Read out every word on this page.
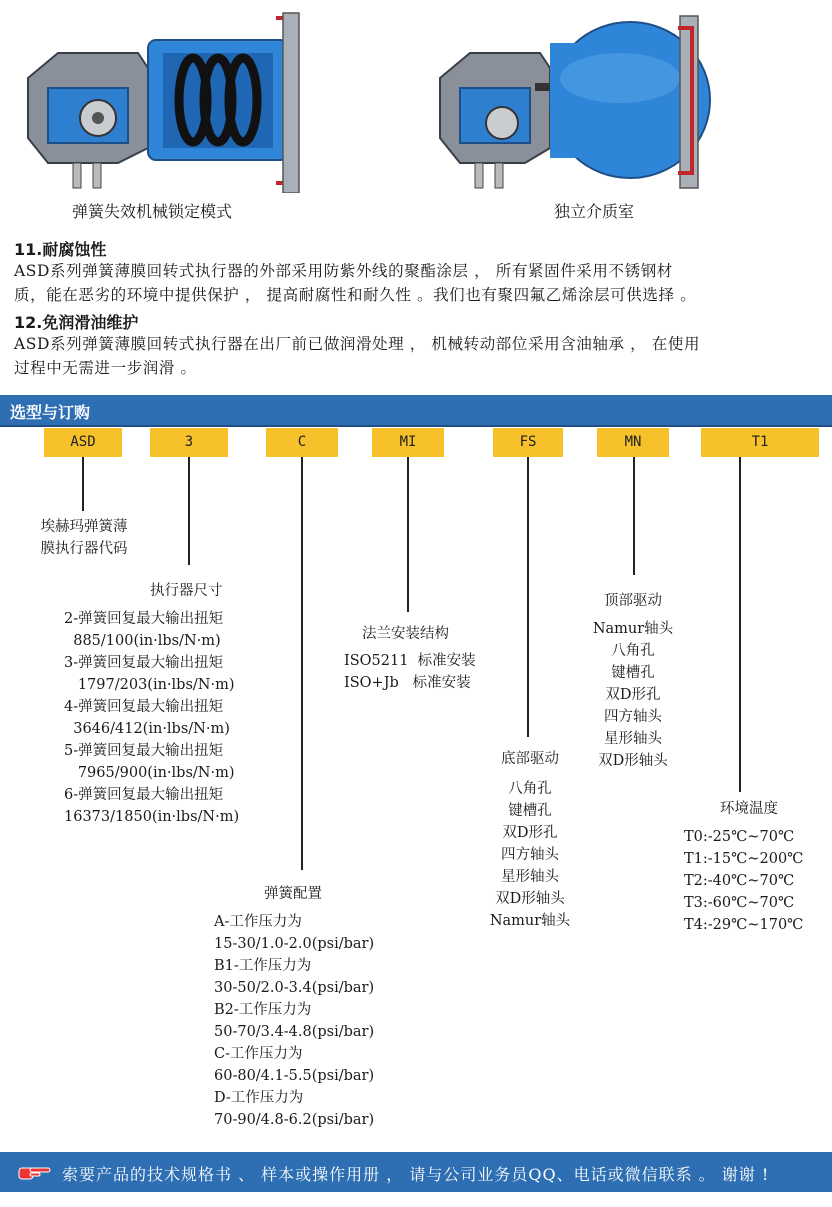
弹簧失效机械锁定模式	独立介质室
11.耐腐蚀性
ASD系列弹簧薄膜回转式执行器的外部采用防紫外线的聚酯涂层 ， 所有紧固件采用不锈钢材
质，能在恶劣的环境中提供保护 ， 提高耐腐性和耐久性 。我们也有聚四氟乙烯涂层可供选择 。
12.免润滑油维护
ASD系列弹簧薄膜回转式执行器在出厂前已做润滑处理 ， 机械转动部位采用含油轴承 ， 在使用
过程中无需进一步润滑 。
选型与订购
ASD	3	C	MI	FS	MN	T1
埃赫玛弹簧薄
膜执行器代码
执行器尺寸
2-弹簧回复最大输出扭矩
885/100(in·lbs/N·m)
3-弹簧回复最大输出扭矩
1797/203(in·lbs/N·m)
4-弹簧回复最大输出扭矩
3646/412(in·lbs/N·m)
5-弹簧回复最大输出扭矩
7965/900(in·lbs/N·m)
6-弹簧回复最大输出扭矩
16373/1850(in·lbs/N·m)
弹簧配置
A-工作压力为
15-30/1.0-2.0(psi/bar)
B1-工作压力为
30-50/2.0-3.4(psi/bar)
B2-工作压力为
50-70/3.4-4.8(psi/bar)
C-工作压力为
60-80/4.1-5.5(psi/bar)
D-工作压力为
70-90/4.8-6.2(psi/bar)
法兰安装结构
ISO5211  标准安装
ISO+Jb   标准安装
底部驱动
八角孔
键槽孔
双D形孔
四方轴头
星形轴头
双D形轴头
Namur轴头
顶部驱动
Namur轴头
八角孔
键槽孔
双D形孔
四方轴头
星形轴头
双D形轴头
环境温度
T0:-25℃~70℃
T1:-15℃~200℃
T2:-40℃~70℃
T3:-60℃~70℃
T4:-29℃~170℃
索要产品的技术规格书 、 样本或操作用册 ， 请与公司业务员QQ、电话或微信联系 。 谢谢 !
